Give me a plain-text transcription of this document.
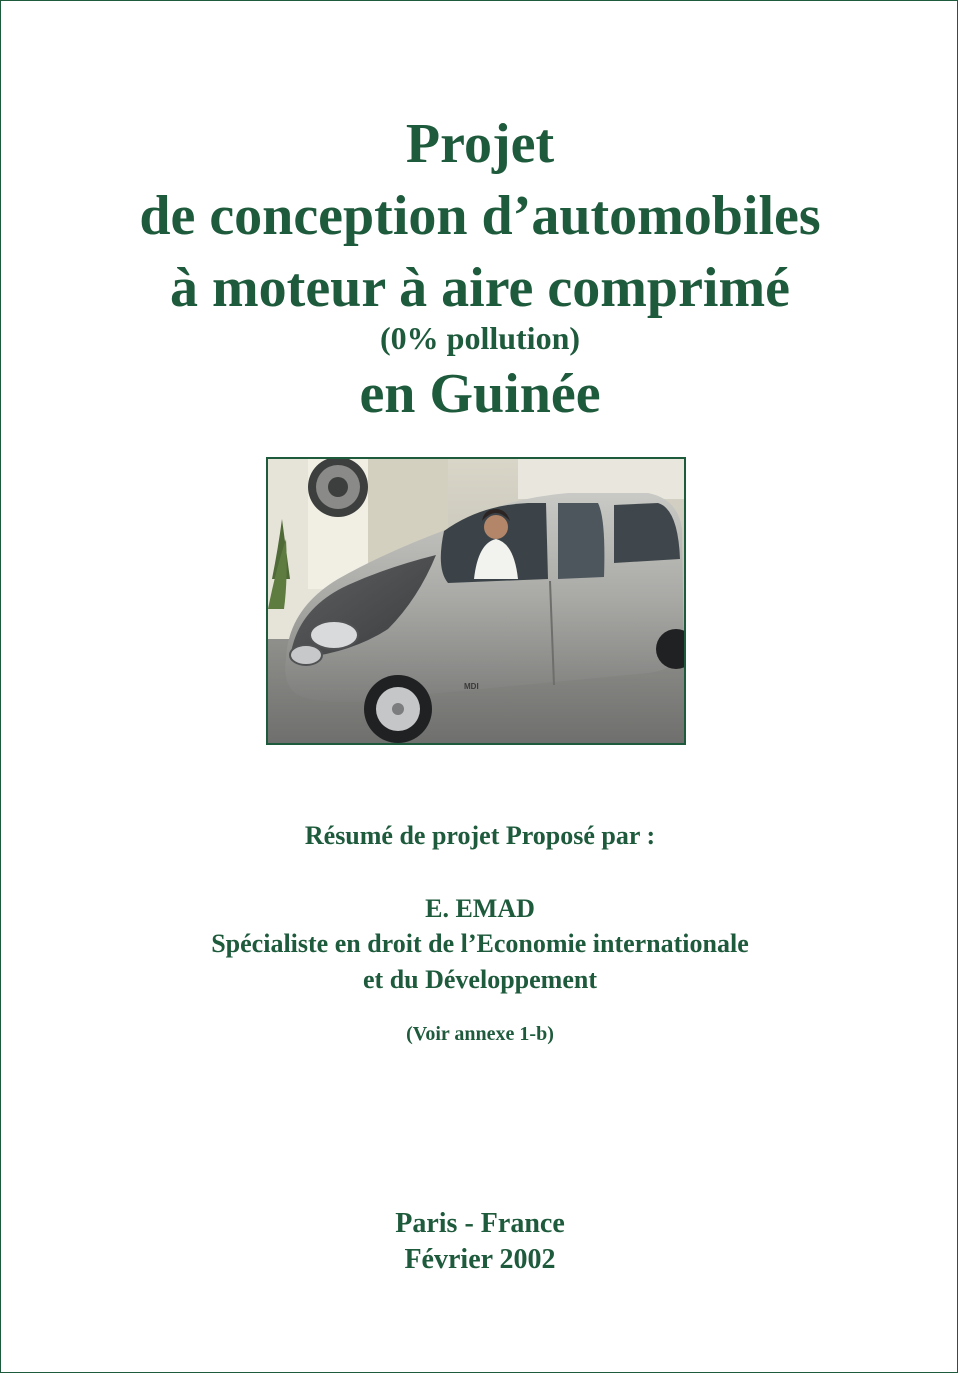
Projet
de conception d’automobiles
à moteur à aire comprimé
(0% pollution)
en Guinée
MDI
Résumé de projet Proposé par :
E. EMAD
Spécialiste en droit de l’Economie internationale
et du Développement
(Voir annexe 1-b)
Paris - France
Février 2002
